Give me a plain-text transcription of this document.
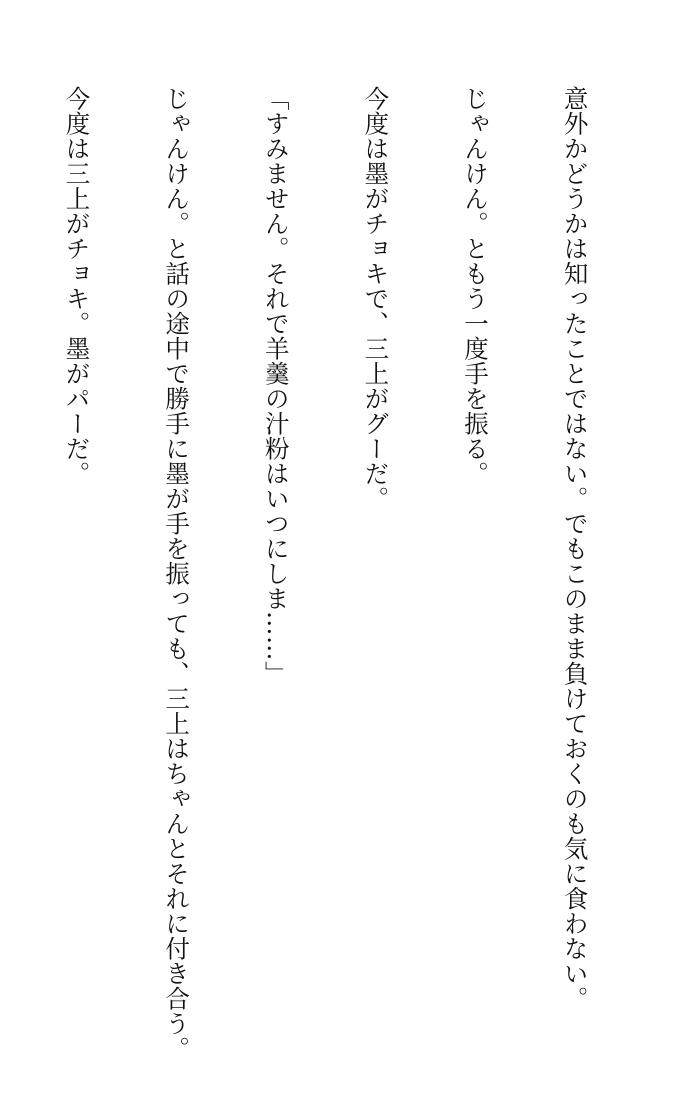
意外かどうかは知ったことではない。でもこのまま負けておくのも気に食わない。

じゃんけん。ともう一度手を振る。

今度は墨がチョキで、三上がグーだ。

「すみません。それで羊羹の汁粉はいつにしま……」

じゃんけん。と話の途中で勝手に墨が手を振っても、三上はちゃんとそれに付き合う。

今度は三上がチョキ。墨がパーだ。
